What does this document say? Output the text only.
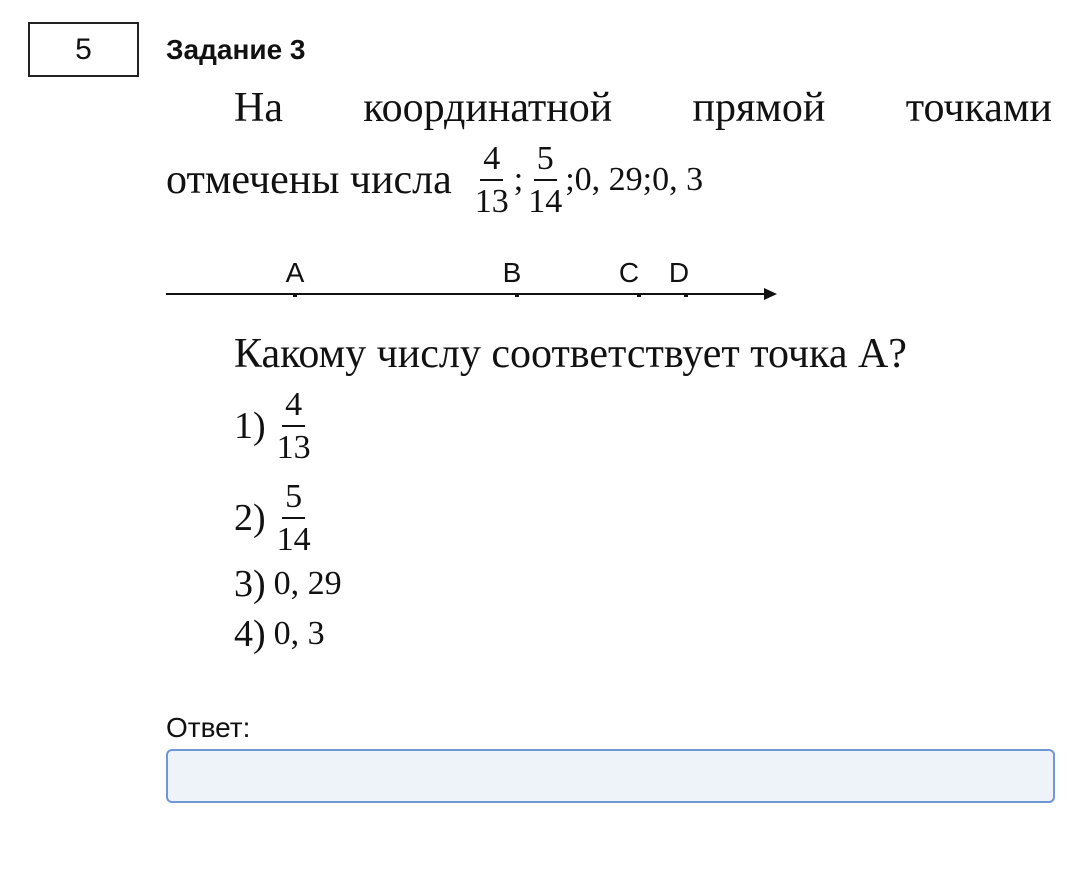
5	Задание 3
На координатной прямой точками
отмечены числа $\frac{4}{13}$ ; $\frac{5}{14}$ ;0, 29;0, 3
A	B	C D
Какому числу соответствует точка А?
$1) \frac{4}{13}$
$2) \frac{5}{14}$
3) 0, 29
4) 0, 3
Ответ:
